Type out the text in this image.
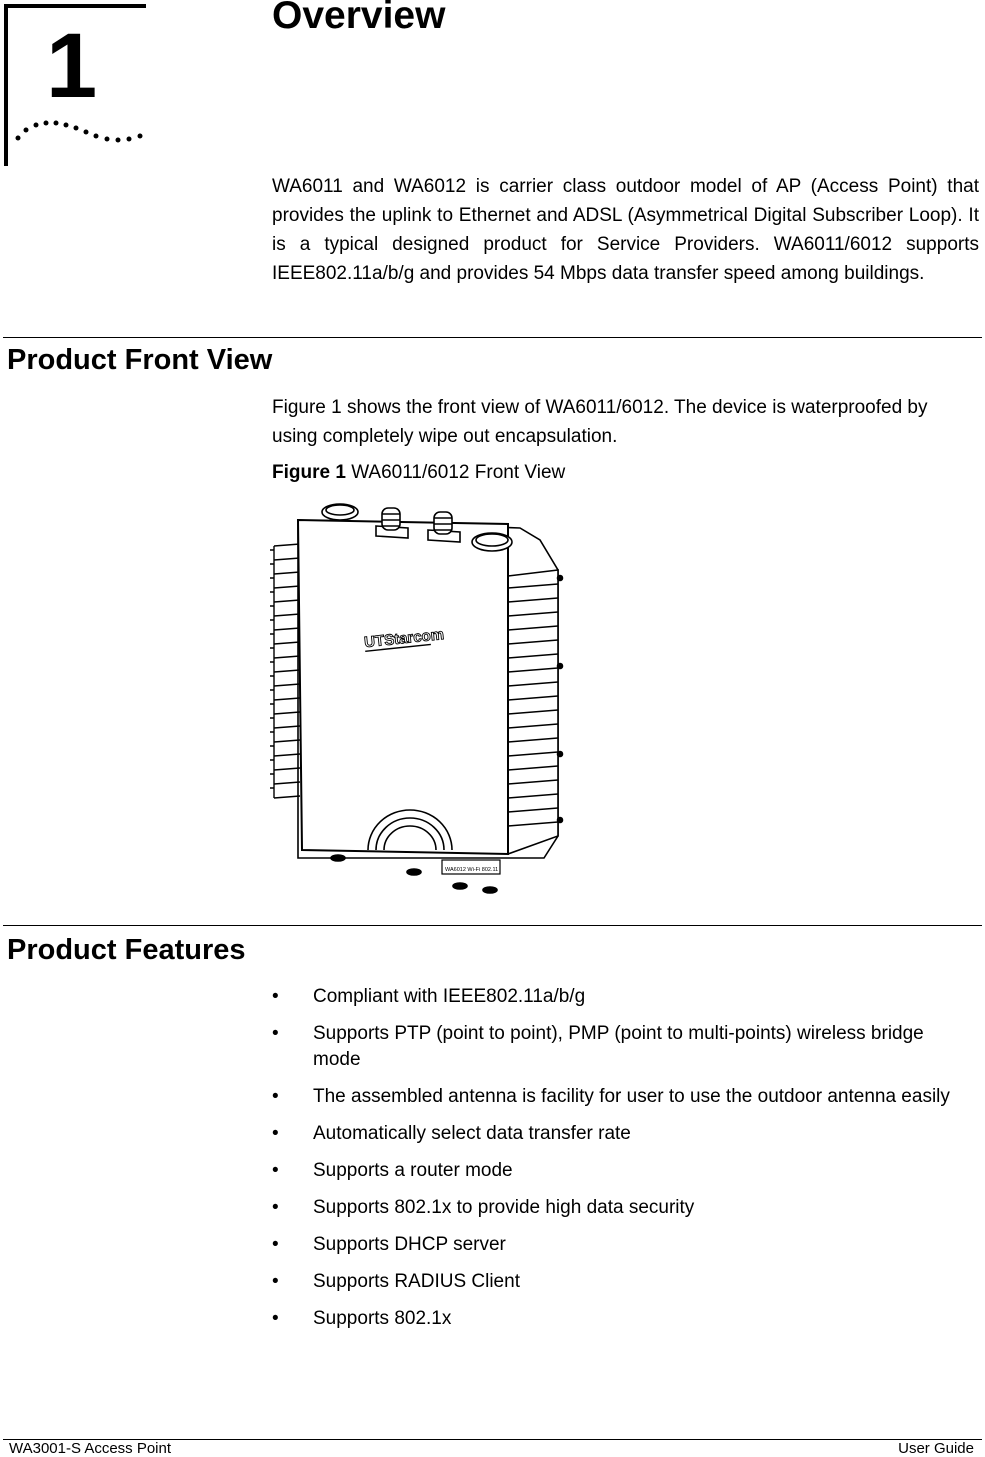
1	Overview

WA6011 and WA6012 is carrier class outdoor model of AP (Access Point) that provides the uplink to Ethernet and ADSL (Asymmetrical Digital Subscriber Loop). It is a typical designed product for Service Providers. WA6011/6012 supports IEEE802.11a/b/g and provides 54 Mbps data transfer speed among buildings.

Product Front View

Figure 1 shows the front view of WA6011/6012. The device is waterproofed by using completely wipe out encapsulation.

Figure 1 WA6011/6012 Front View
UTStarcom
WA6012 Wi-Fi 802.11
Product Features
• Compliant with IEEE802.11a/b/g
• Supports PTP (point to point), PMP (point to multi-points) wireless bridge mode
• The assembled antenna is facility for user to use the outdoor antenna easily
• Automatically select data transfer rate
• Supports a router mode
• Supports 802.1x to provide high data security
• Supports DHCP server
• Supports RADIUS Client
• Supports 802.1x
WA3001-S Access Point	User Guide
